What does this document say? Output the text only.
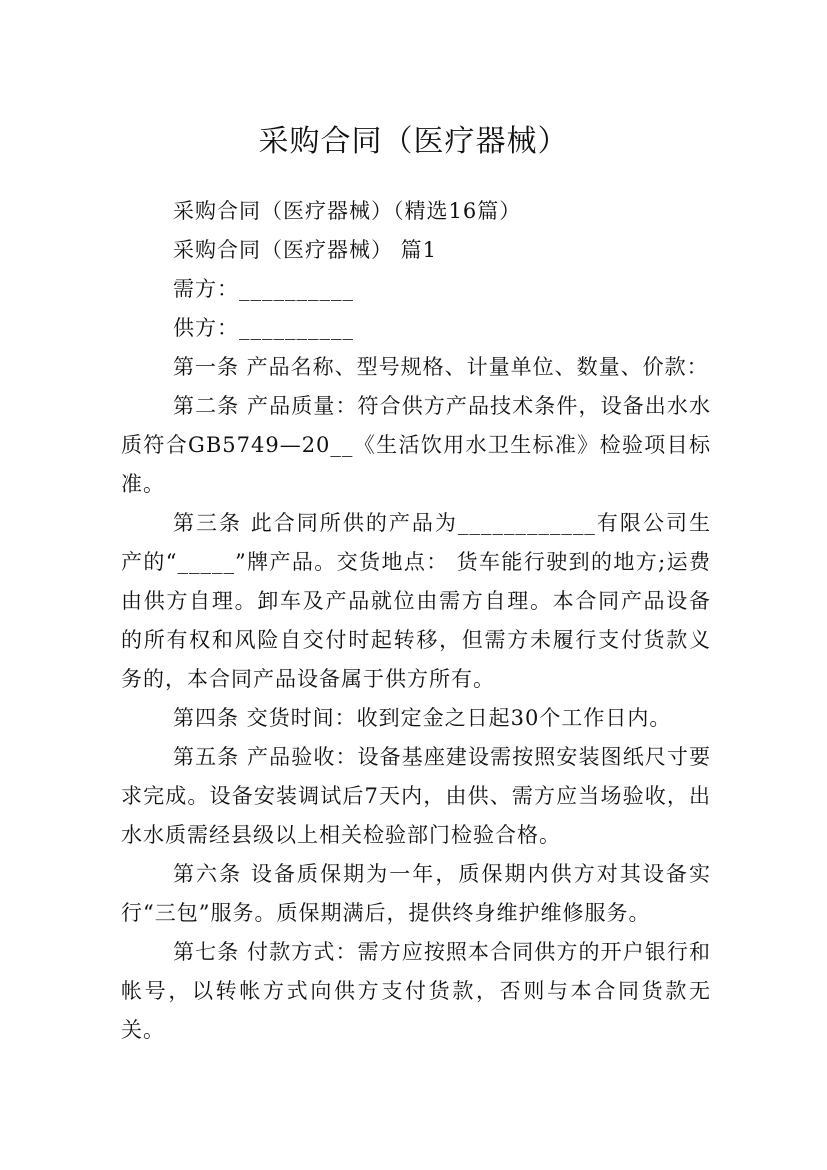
采购合同（医疗器械）

采购合同（医疗器械）（精选16篇）

采购合同（医疗器械） 篇1

需方：__________

供方：__________

第一条 产品名称、型号规格、计量单位、数量、价款：

第二条 产品质量：符合供方产品技术条件，设备出水水质符合GB5749—20__《生活饮用水卫生标准》检验项目标准。

第三条 此合同所供的产品为____________有限公司生产的“_____”牌产品。交货地点： 货车能行驶到的地方;运费由供方自理。卸车及产品就位由需方自理。本合同产品设备的所有权和风险自交付时起转移，但需方未履行支付货款义务的，本合同产品设备属于供方所有。

第四条 交货时间：收到定金之日起30个工作日内。

第五条 产品验收：设备基座建设需按照安装图纸尺寸要求完成。设备安装调试后7天内，由供、需方应当场验收，出水水质需经县级以上相关检验部门检验合格。

第六条 设备质保期为一年，质保期内供方对其设备实行“三包”服务。质保期满后，提供终身维护维修服务。

第七条 付款方式：需方应按照本合同供方的开户银行和帐号，以转帐方式向供方支付货款，否则与本合同货款无关。
